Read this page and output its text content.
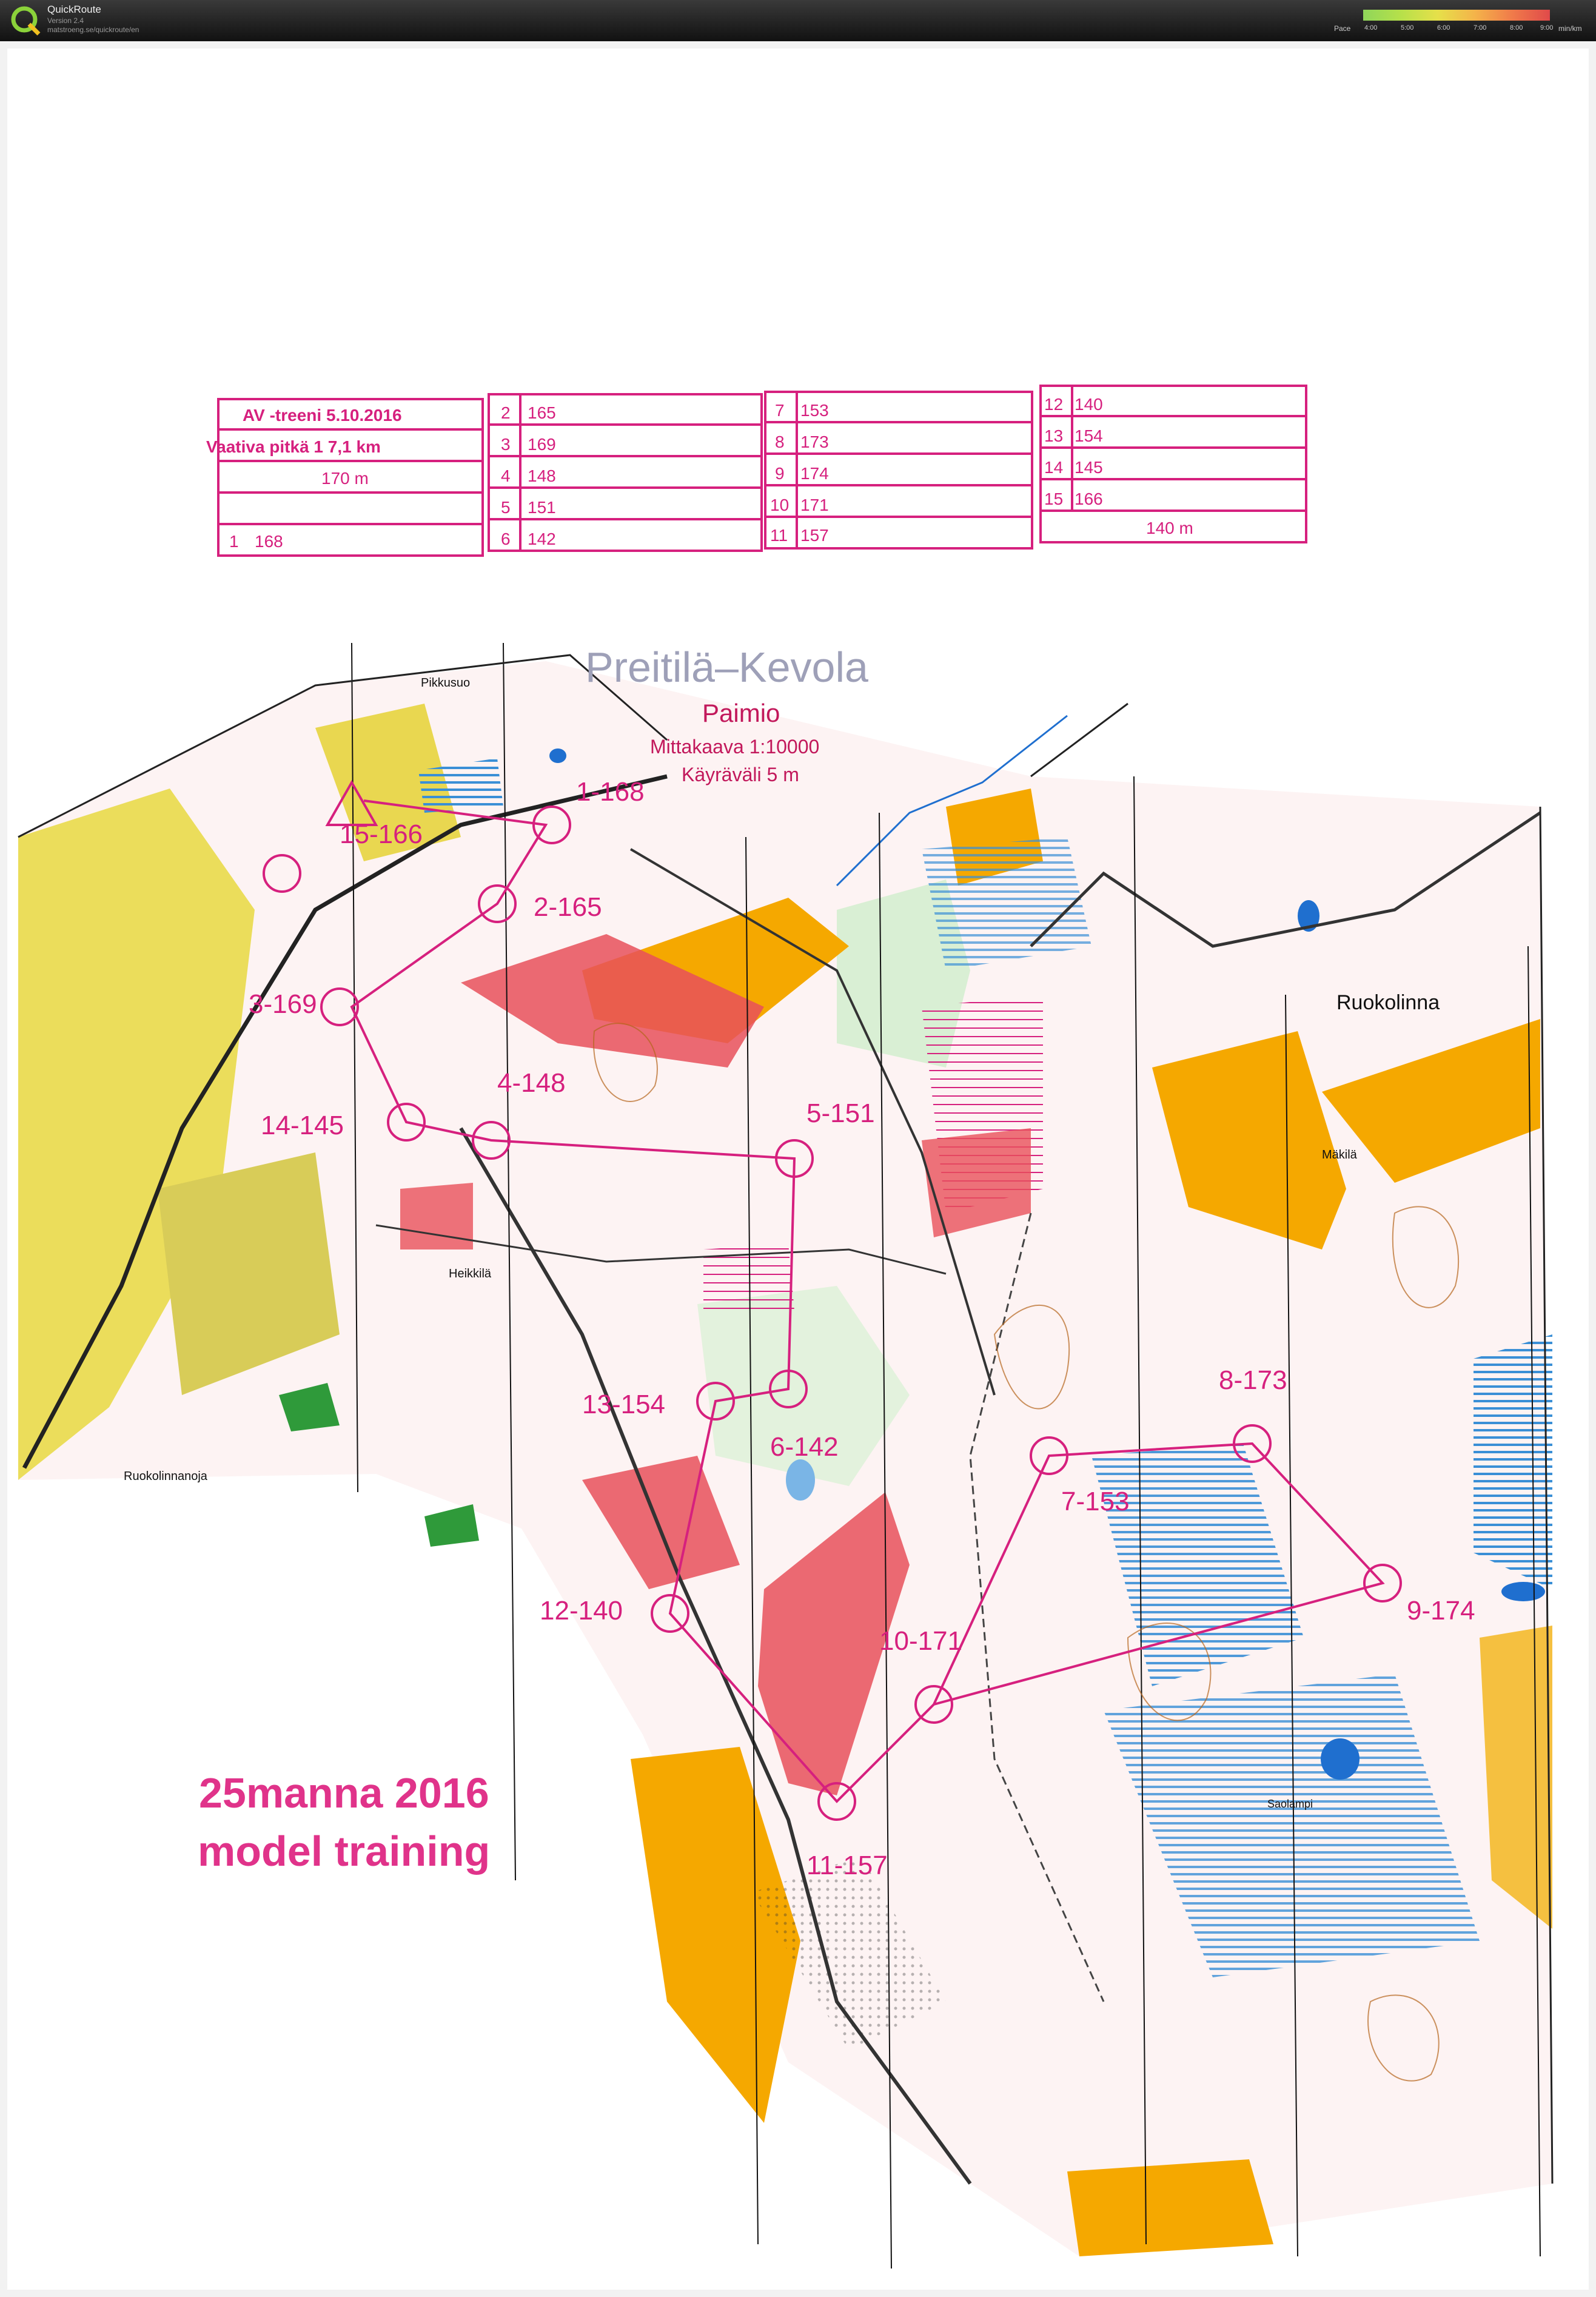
QuickRoute
Version 2.4
matstroeng.se/quickroute/en	Pace 4:00	5:00	6:00	7:00	8:00	9:00 min/km
AV -treeni 5.10.2016
Vaativa pitkä 1 7,1 km
170 m
1 168
2 165
3 169
4 148
5 151
6 142
7 153
8 173
9 174
10 171
11 157
12 140
13 154
14 145
15 166
140 m
1-168
2-165
3-169
4-148
5-151
6-142
7-153
8-173
9-174
10-171
11-157
12-140
13-154
14-145
15-166
Preitilä–Kevola
Paimio
Mittakaava 1:10000
Käyräväli 5 m
Pikkusuo
Ruokolinna
Heikkilä
Mäkilä
Ruokolinnanoja
Saolampi
25manna 2016
model training
